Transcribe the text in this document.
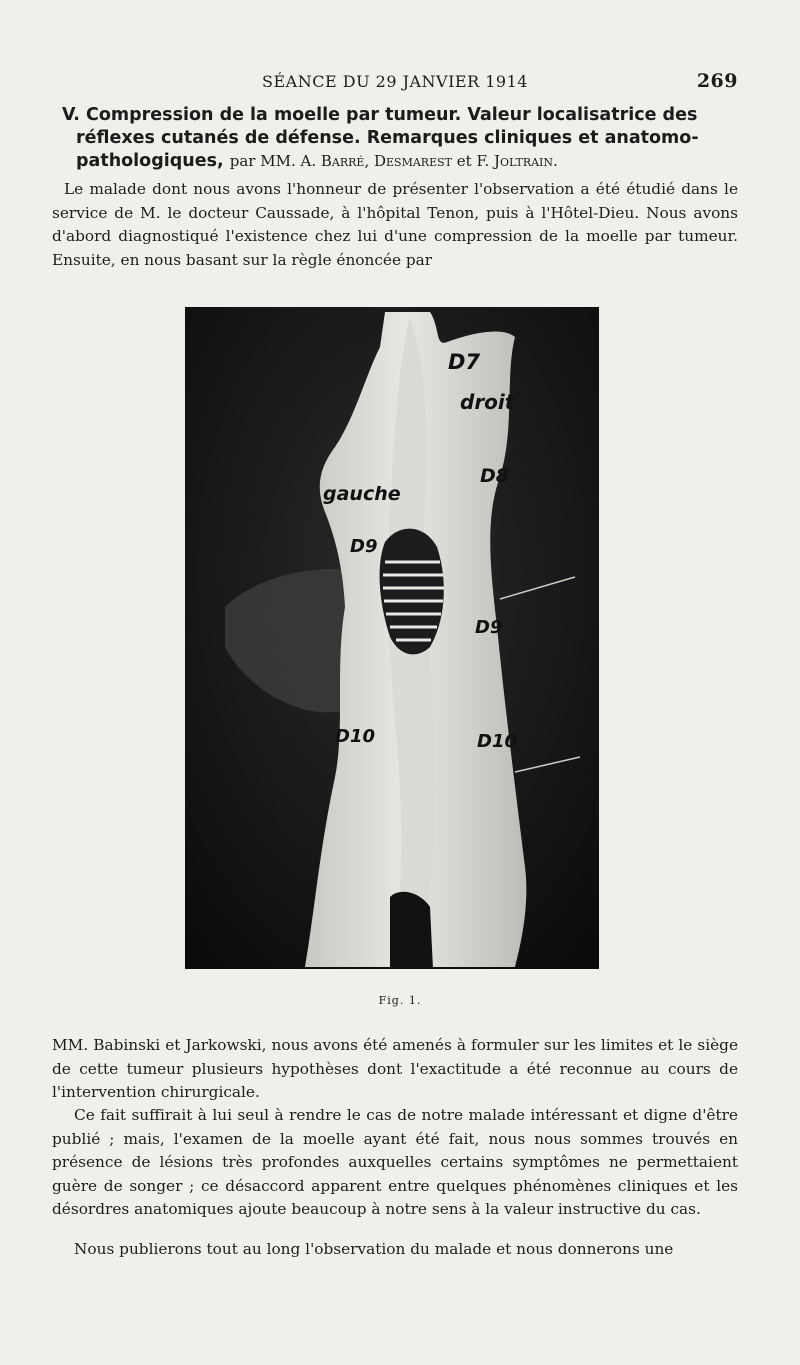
SÉANCE DU 29 JANVIER 1914	269
V. Compression de la moelle par tumeur. Valeur localisatrice des réflexes cutanés de défense. Remarques cliniques et anatomo-pathologiques, par MM. A. Barré, Desmarest et F. Joltrain.
Le malade dont nous avons l'honneur de présenter l'observation a été étudié dans le service de M. le docteur Caussade, à l'hôpital Tenon, puis à l'Hôtel-Dieu. Nous avons d'abord diagnostiqué l'existence chez lui d'une compression de la moelle par tumeur. Ensuite, en nous basant sur la règle énoncée par
D7
droit
D8
gauche
D9
D9
D10	D10
Fig. 1.
MM. Babinski et Jarkowski, nous avons été amenés à formuler sur les limites et le siège de cette tumeur plusieurs hypothèses dont l'exactitude a été reconnue au cours de l'intervention chirurgicale.
Ce fait suffirait à lui seul à rendre le cas de notre malade intéressant et digne d'être publié ; mais, l'examen de la moelle ayant été fait, nous nous sommes trouvés en présence de lésions très profondes auxquelles certains symptômes ne permettaient guère de songer ; ce désaccord apparent entre quelques phénomènes cliniques et les désordres anatomiques ajoute beaucoup à notre sens à la valeur instructive du cas.
Nous publierons tout au long l'observation du malade et nous donnerons une
